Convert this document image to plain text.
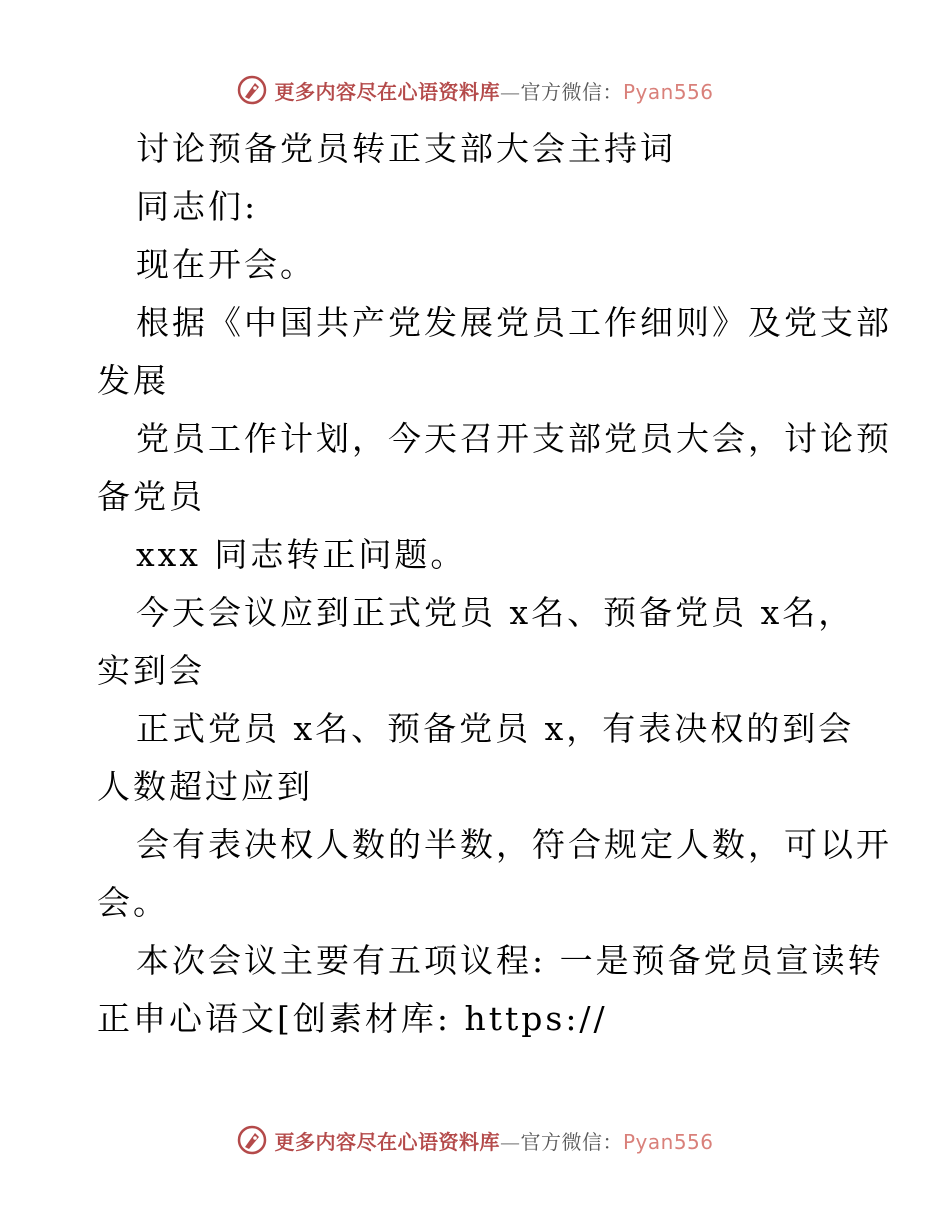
更多内容尽在心语资料库—官方微信：Pyan556
讨论预备党员转正支部大会主持词
同志们:
现在开会。
根据《中国共产党发展党员工作细则》及党支部
发展
党员工作计划，今天召开支部党员大会，讨论预
备党员
xxx 同志转正问题。
今天会议应到正式党员 x名、预备党员 x名，
实到会
正式党员 x名、预备党员 x，有表决权的到会
人数超过应到
会有表决权人数的半数，符合规定人数，可以开
会。
本次会议主要有五项议程: 一是预备党员宣读转
正申心语文[创素材库: https://
更多内容尽在心语资料库—官方微信：Pyan556
